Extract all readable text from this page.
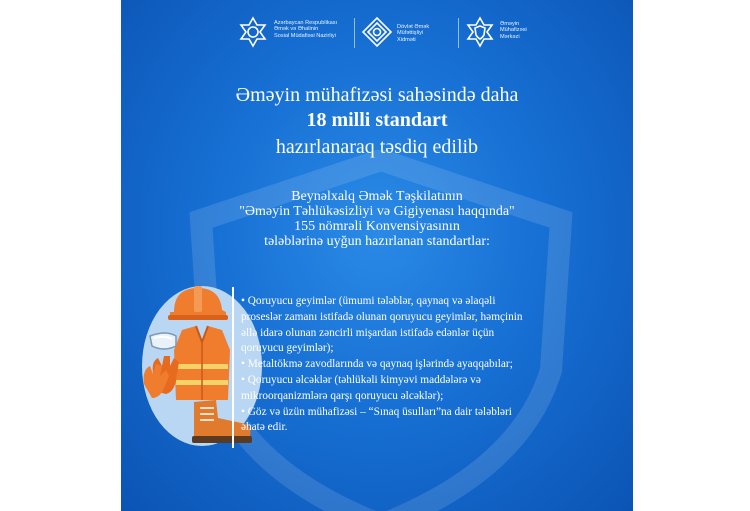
Azərbaycan Respublikası
Əmək və Əhalinin
Sosial Müdafiəsi Nazirliyi
Dövlət Əmək Müfəttişliyi
Xidməti
Əməyin
Mühafizəsi
Mərkəzi
Əməyin mühafizəsi sahəsində daha
18 milli standart
hazırlanaraq təsdiq edilib
Beynəlxalq Əmək Təşkilatının
"Əməyin Təhlükəsizliyi və Gigiyenası haqqında"
155 nömrəli Konvensiyasının
tələblərinə uyğun hazırlanan standartlar:
• Qoruyucu geyimlər (ümumi tələblər, qaynaq və əlaqəli
proseslər zamanı istifadə olunan qoruyucu geyimlər, həmçinin
əllə idarə olunan zəncirli mişardan istifadə edənlər üçün
qoruyucu geyimlər);
• Metaltökmə zavodlarında və qaynaq işlərində ayaqqabılar;
• Qoruyucu əlcəklər (təhlükəli kimyəvi maddələrə və
mikroorqanizmlərə qarşı qoruyucu əlcəklər);
• Göz və üzün mühafizəsi – “Sınaq üsulları”na dair tələbləri
əhatə edir.
